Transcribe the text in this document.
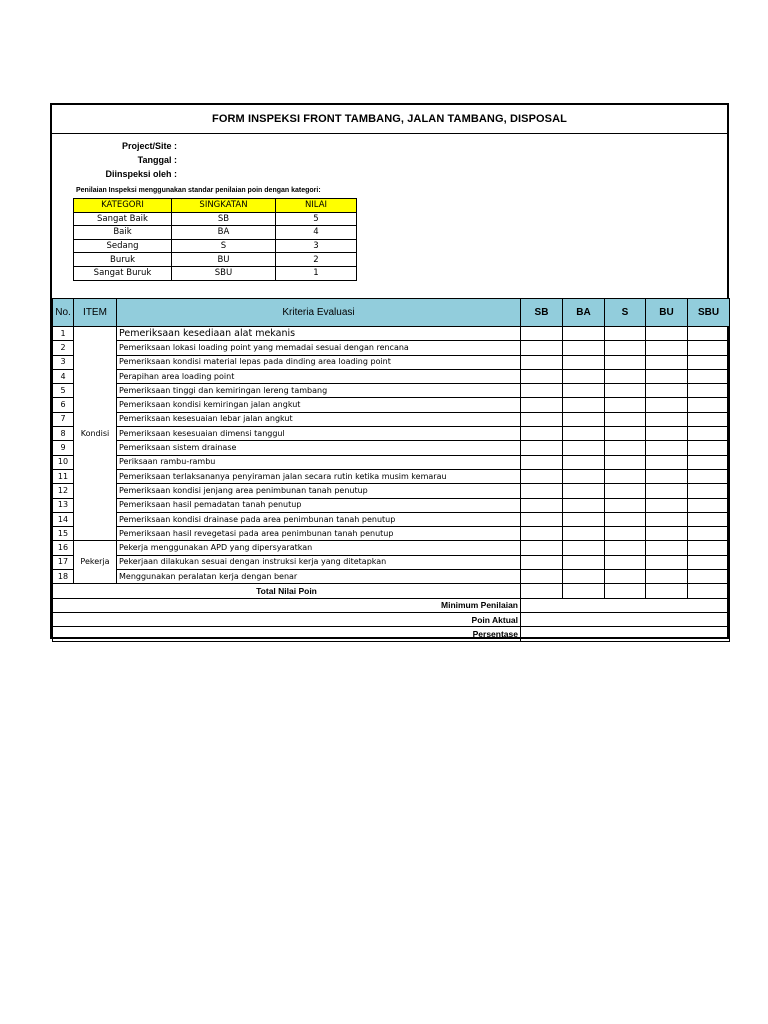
FORM INSPEKSI FRONT TAMBANG, JALAN TAMBANG, DISPOSAL
Project/Site :
Tanggal :
Diinspeksi oleh :
Penilaian Inspeksi menggunakan standar penilaian poin dengan kategori:
KATEGORI	SINGKATAN	NILAI
Sangat Baik	SB	5
Baik	BA	4
Sedang	S	3
Buruk	BU	2
Sangat Buruk	SBU	1
No.	ITEM	Kriteria Evaluasi	SB	BA	S	BU	SBU
1	Kondisi	Pemeriksaan kesediaan alat mekanis					
2		Pemeriksaan lokasi loading point yang memadai sesuai dengan rencana					
3		Pemeriksaan kondisi material lepas pada dinding area loading point					
4		Perapihan area loading point					
5		Pemeriksaan tinggi dan kemiringan lereng tambang					
6		Pemeriksaan kondisi kemiringan jalan angkut					
7		Pemeriksaan kesesuaian lebar jalan angkut					
8		Pemeriksaan kesesuaian dimensi tanggul					
9		Pemeriksaan sistem drainase					
10		Periksaan rambu-rambu					
11		Pemeriksaan terlaksananya penyiraman jalan secara rutin ketika musim kemarau					
12		Pemeriksaan kondisi jenjang area penimbunan tanah penutup					
13		Pemeriksaan hasil pemadatan tanah penutup					
14		Pemeriksaan kondisi drainase pada area penimbunan tanah penutup					
15		Pemeriksaan hasil revegetasi pada area penimbunan tanah penutup					
16	Pekerja	Pekerja menggunakan APD yang dipersyaratkan					
17		Pekerjaan dilakukan sesuai dengan instruksi kerja yang ditetapkan					
18		Menggunakan peralatan kerja dengan benar					
Total Nilai Poin							
Minimum Penilaian							
Poin Aktual							
Persentase							
